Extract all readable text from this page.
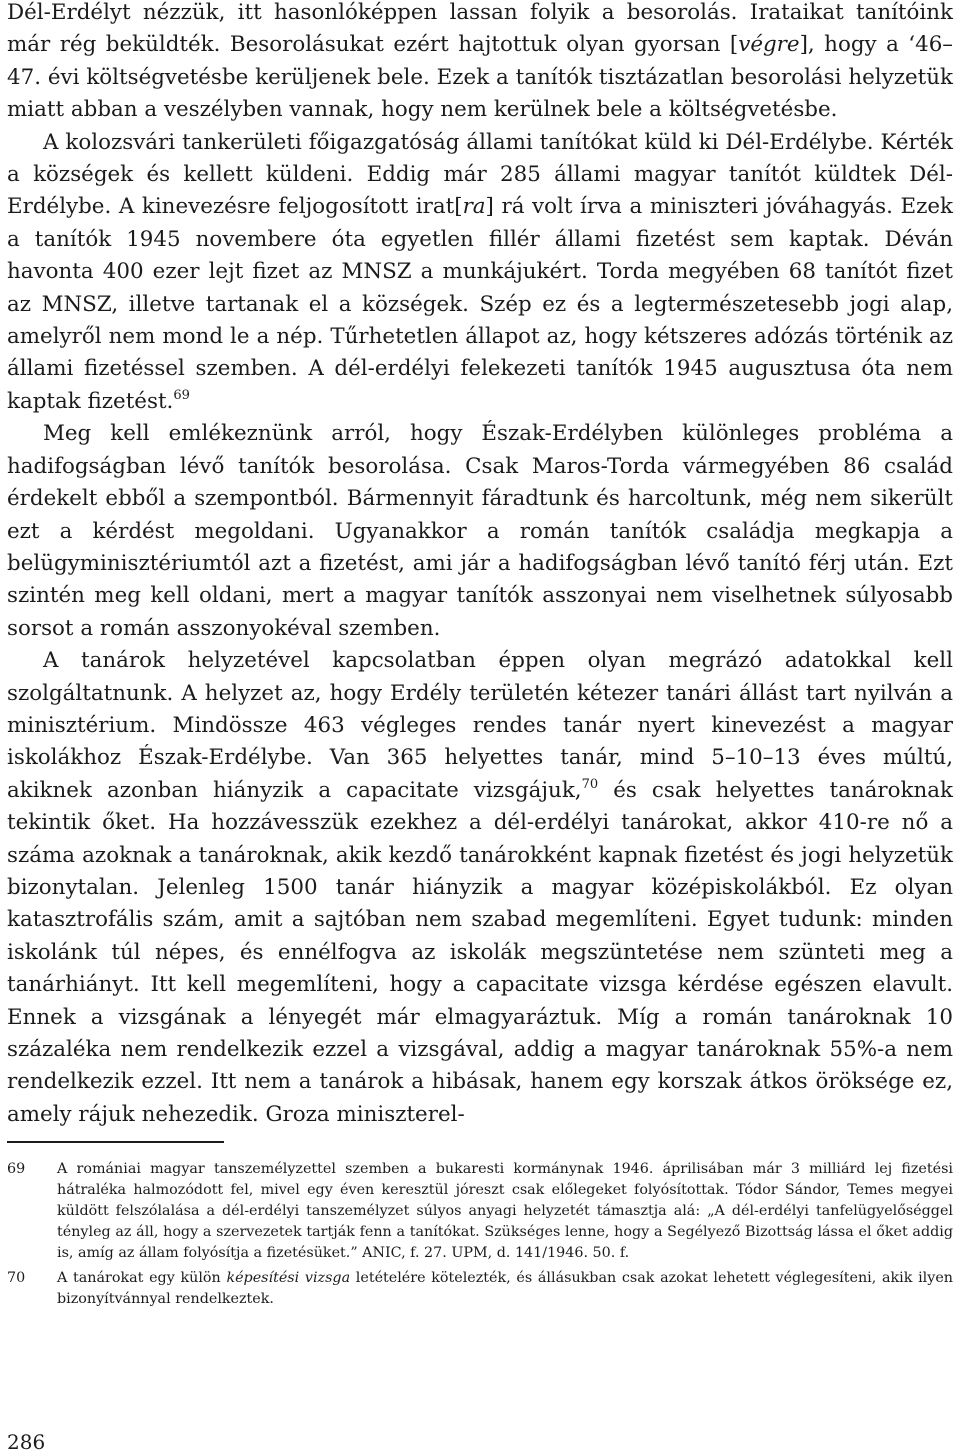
Dél-Erdélyt nézzük, itt hasonlóképpen lassan folyik a besorolás. Irataikat tanítóink már rég beküldték. Besorolásukat ezért hajtottuk olyan gyorsan [végre], hogy a ‘46–47. évi költségvetésbe kerüljenek bele. Ezek a tanítók tisztázatlan besorolási helyzetük miatt abban a veszélyben vannak, hogy nem kerülnek bele a költségvetésbe.

A kolozsvári tankerületi főigazgatóság állami tanítókat küld ki Dél-Erdélybe. Kérték a községek és kellett küldeni. Eddig már 285 állami magyar tanítót küldtek Dél-Erdélybe. A kinevezésre feljogosított irat[ra] rá volt írva a miniszteri jóváhagyás. Ezek a tanítók 1945 novembere óta egyetlen fillér állami fizetést sem kaptak. Déván havonta 400 ezer lejt fizet az MNSZ a munkájukért. Torda megyében 68 tanítót fizet az MNSZ, illetve tartanak el a községek. Szép ez és a legtermészetesebb jogi alap, amelyről nem mond le a nép. Tűrhetetlen állapot az, hogy kétszeres adózás történik az állami fizetéssel szemben. A dél-erdélyi felekezeti tanítók 1945 augusztusa óta nem kaptak fizetést.$^{69}$

Meg kell emlékeznünk arról, hogy Észak-Erdélyben különleges probléma a hadifogságban lévő tanítók besorolása. Csak Maros-Torda vármegyében 86 család érdekelt ebből a szempontból. Bármennyit fáradtunk és harcoltunk, még nem sikerült ezt a kérdést megoldani. Ugyanakkor a román tanítók családja megkapja a belügyminisztériumtól azt a fizetést, ami jár a hadifogságban lévő tanító férj után. Ezt szintén meg kell oldani, mert a magyar tanítók asszonyai nem viselhetnek súlyosabb sorsot a román asszonyokéval szemben.

A tanárok helyzetével kapcsolatban éppen olyan megrázó adatokkal kell szolgáltatnunk. A helyzet az, hogy Erdély területén kétezer tanári állást tart nyilván a minisztérium. Mindössze 463 végleges rendes tanár nyert kinevezést a magyar iskolákhoz Észak-Erdélybe. Van 365 helyettes tanár, mind 5–10–13 éves múltú, akiknek azonban hiányzik a capacitate vizsgájuk,$^{70}$ és csak helyettes tanároknak tekintik őket. Ha hozzávesszük ezekhez a dél-erdélyi tanárokat, akkor 410-re nő a száma azoknak a tanároknak, akik kezdő tanárokként kapnak fizetést és jogi helyzetük bizonytalan. Jelenleg 1500 tanár hiányzik a magyar középiskolákból. Ez olyan katasztrofális szám, amit a sajtóban nem szabad megemlíteni. Egyet tudunk: minden iskolánk túl népes, és ennélfogva az iskolák megszüntetése nem szünteti meg a tanárhiányt. Itt kell megemlíteni, hogy a capacitate vizsga kérdése egészen elavult. Ennek a vizsgának a lényegét már elmagyaráztuk. Míg a román tanároknak 10 százaléka nem rendelkezik ezzel a vizsgával, addig a magyar tanároknak 55%-a nem rendelkezik ezzel. Itt nem a tanárok a hibásak, hanem egy korszak átkos öröksége ez, amely rájuk nehezedik. Groza miniszterel-

69	A romániai magyar tanszemélyzettel szemben a bukaresti kormánynak 1946. áprilisában már 3 milliárd lej fizetési hátraléka halmozódott fel, mivel egy éven keresztül jóreszt csak előlegeket folyósítottak. Tódor Sándor, Temes megyei küldött felszólalása a dél-erdélyi tanszemélyzet súlyos anyagi helyzetét támasztja alá: „A dél-erdélyi tanfelügyelőséggel tényleg az áll, hogy a szervezetek tartják fenn a tanítókat. Szükséges lenne, hogy a Segélyező Bizottság lássa el őket addig is, amíg az állam folyósítja a fizetésüket.” ANIC, f. 27. UPM, d. 141/1946. 50. f.
70	A tanárokat egy külön képesítési vizsga letételére kötelezték, és állásukban csak azokat lehetett véglegesíteni, akik ilyen bizonyítvánnyal rendelkeztek.
286
